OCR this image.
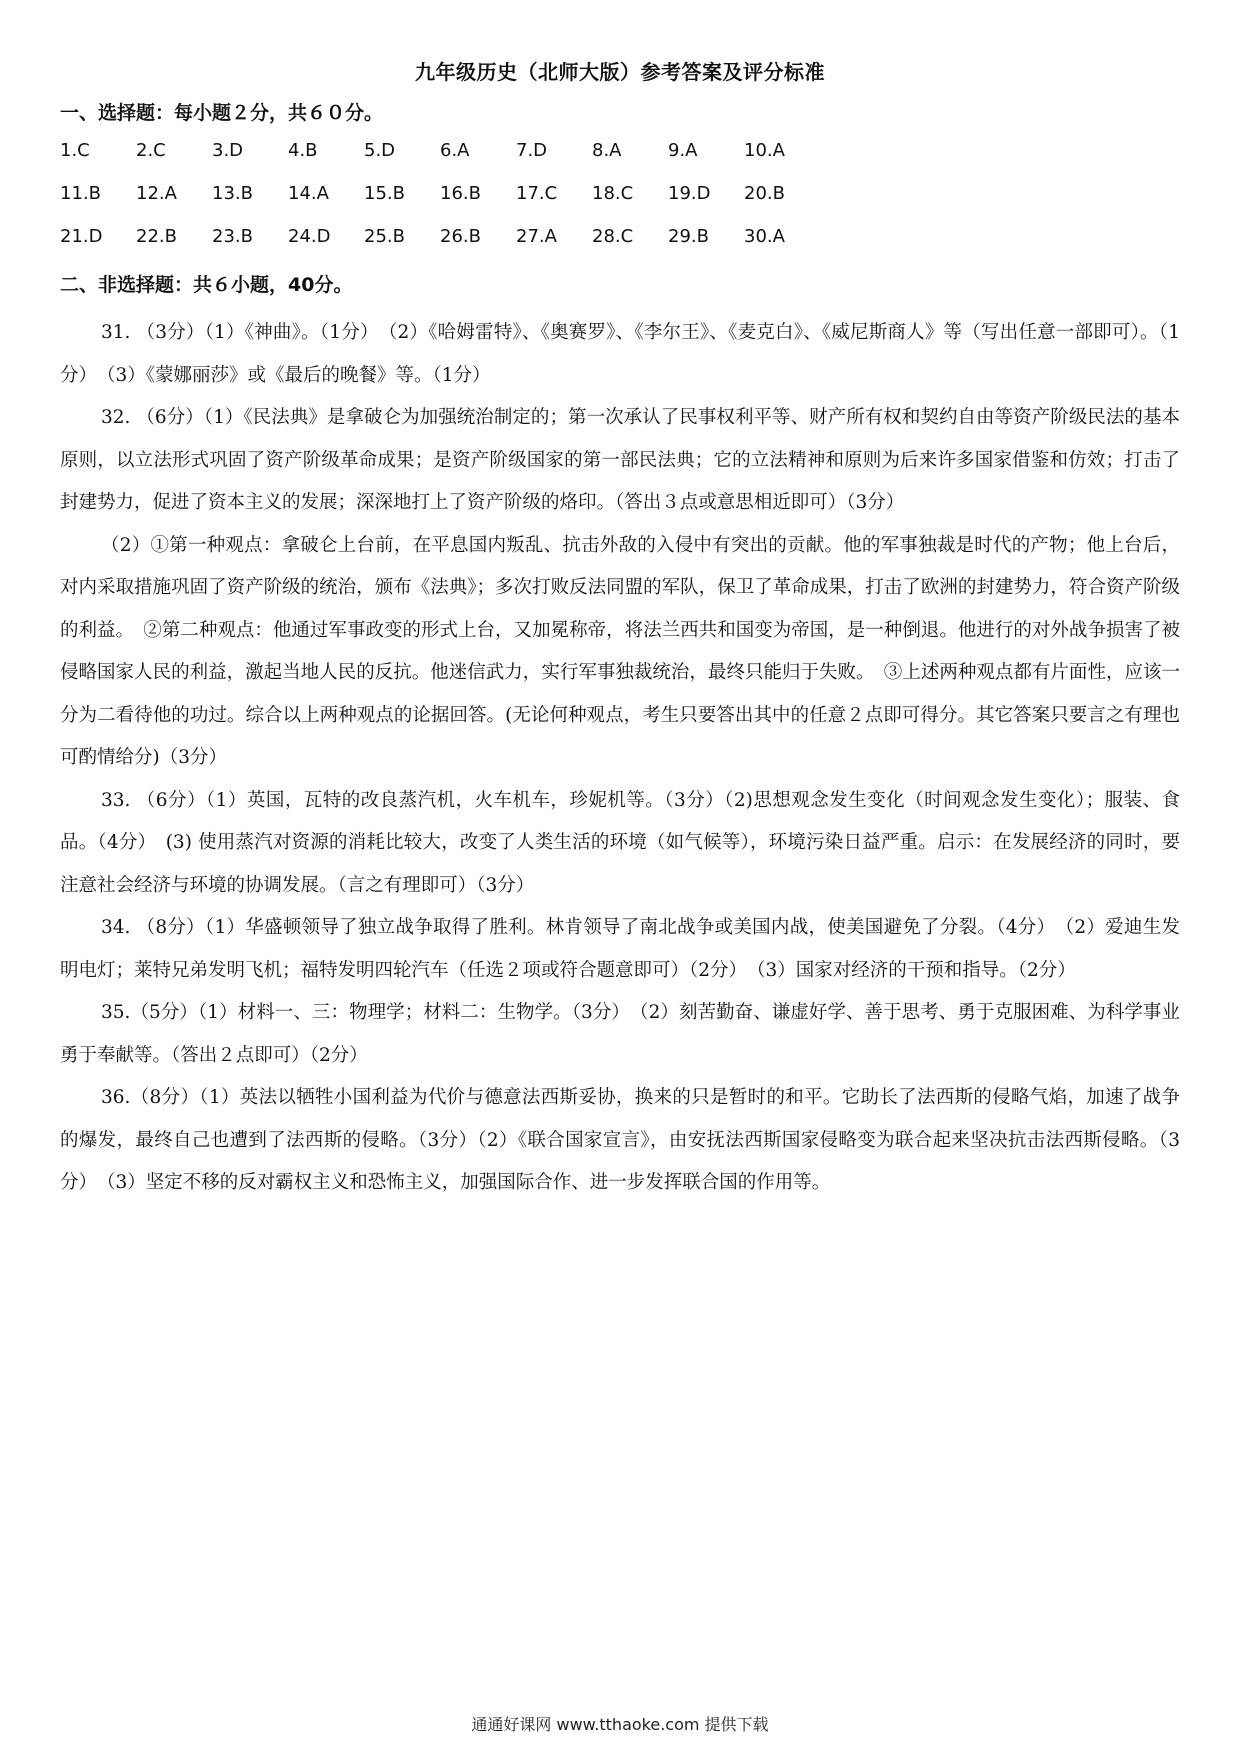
九年级历史（北师大版）参考答案及评分标准
一、选择题：每小题２分，共６０分。
1.C	2.C	3.D 4.B	5.D 6.A	7.D 8.A	9.A	10.A
11.B 12.A 13.B 14.A 15.B 16.B 17.C 18.C 19.D 20.B
21.D 22.B 23.B 24.D 25.B 26.B 27.A 28.C 29.B 30.A
二、非选择题：共６小题，40分。

31. （3分）（1）《神曲》。（1分）　（2）《哈姆雷特》、《奥赛罗》、《李尔王》、《麦克白》、《威尼斯商人》等（写出任意一部即可）。（1分）　（3）《蒙娜丽莎》或《最后的晚餐》等。（1分）

32. （6分）（1）《民法典》是拿破仑为加强统治制定的；第一次承认了民事权利平等、财产所有权和契约自由等资产阶级民法的基本原则，以立法形式巩固了资产阶级革命成果；是资产阶级国家的第一部民法典；它的立法精神和原则为后来许多国家借鉴和仿效；打击了封建势力，促进了资本主义的发展；深深地打上了资产阶级的烙印。（答出３点或意思相近即可）（3分）

（2）①第一种观点：拿破仑上台前，在平息国内叛乱、抗击外敌的入侵中有突出的贡献。他的军事独裁是时代的产物；他上台后，对内采取措施巩固了资产阶级的统治，颁布《法典》；多次打败反法同盟的军队，保卫了革命成果，打击了欧洲的封建势力，符合资产阶级的利益。　②第二种观点：他通过军事政变的形式上台，又加冕称帝，将法兰西共和国变为帝国，是一种倒退。他进行的对外战争损害了被侵略国家人民的利益，激起当地人民的反抗。他迷信武力，实行军事独裁统治，最终只能归于失败。　③上述两种观点都有片面性，应该一分为二看待他的功过。综合以上两种观点的论据回答。(无论何种观点，考生只要答出其中的任意２点即可得分。其它答案只要言之有理也可酌情给分)（3分）

33. （6分）（1）英国，瓦特的改良蒸汽机，火车机车，珍妮机等。（3分）（2)思想观念发生变化（时间观念发生变化）；服装、食品。（4分）　(3) 使用蒸汽对资源的消耗比较大，改变了人类生活的环境（如气候等），环境污染日益严重。启示：在发展经济的同时，要注意社会经济与环境的协调发展。（言之有理即可）（3分）

34. （8分）（1）华盛顿领导了独立战争取得了胜利。林肯领导了南北战争或美国内战，使美国避免了分裂。（4分）　（2）爱迪生发明电灯；莱特兄弟发明飞机；福特发明四轮汽车（任选２项或符合题意即可）（2分）　（3）国家对经济的干预和指导。（2分）

35.（5分）（1）材料一、三：物理学；材料二：生物学。（3分）　（2）刻苦勤奋、谦虚好学、善于思考、勇于克服困难、为科学事业勇于奉献等。（答出２点即可）（2分）

36.（8分）（1）英法以牺牲小国利益为代价与德意法西斯妥协，换来的只是暂时的和平。它助长了法西斯的侵略气焰，加速了战争的爆发，最终自己也遭到了法西斯的侵略。（3分）（2）《联合国家宣言》，由安抚法西斯国家侵略变为联合起来坚决抗击法西斯侵略。（3分）　（3）坚定不移的反对霸权主义和恐怖主义，加强国际合作、进一步发挥联合国的作用等。

通通好课网 www.tthaoke.com 提供下载
